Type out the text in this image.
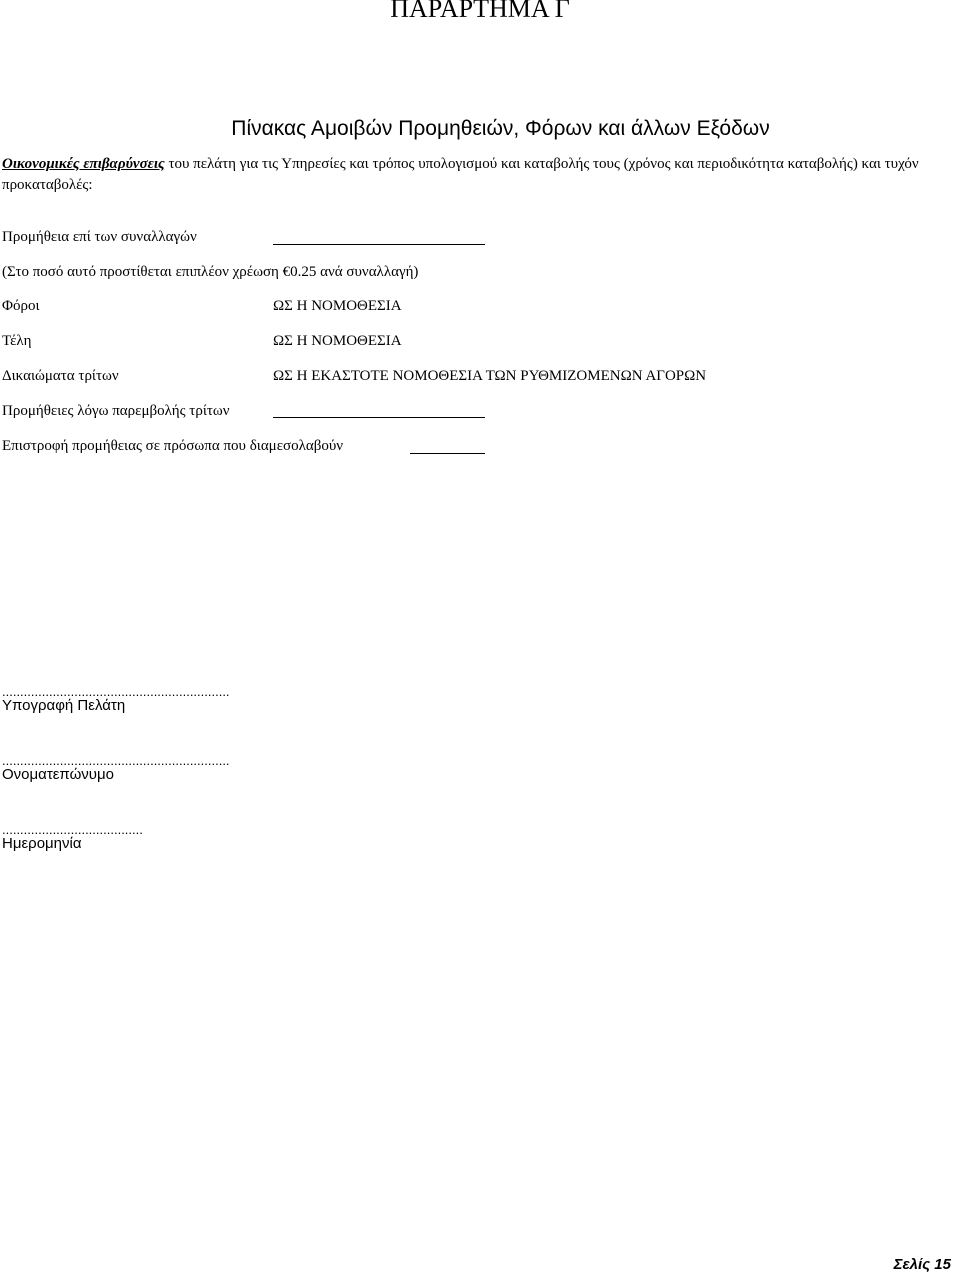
ΠΑΡΑΡΤΗΜΑ Γ
Πίνακας Αμοιβών Προμηθειών, Φόρων και άλλων Εξόδων
Οικονομικές επιβαρύνσεις του πελάτη για τις Υπηρεσίες και τρόπος υπολογισμού και καταβολής τους (χρόνος και περιοδικότητα καταβολής) και τυχόν προκαταβολές:
Προμήθεια επί των συναλλαγών
(Στο ποσό αυτό προστίθεται επιπλέον χρέωση €0.25 ανά συναλλαγή)
Φόροι	ΩΣ Η ΝΟΜΟΘΕΣΙΑ
Τέλη	ΩΣ Η ΝΟΜΟΘΕΣΙΑ
Δικαιώματα τρίτων	ΩΣ Η ΕΚΑΣΤΟΤΕ ΝΟΜΟΘΕΣΙΑ ΤΩΝ ΡΥΘΜΙΖΟΜΕΝΩΝ ΑΓΟΡΩΝ
Προμήθειες λόγω παρεμβολής τρίτων
Επιστροφή προμήθειας σε πρόσωπα που διαμεσολαβούν
...............................................................
Υπογραφή Πελάτη
...............................................................
Ονοματεπώνυμο
.......................................
Ημερομηνία
Σελίς 15
